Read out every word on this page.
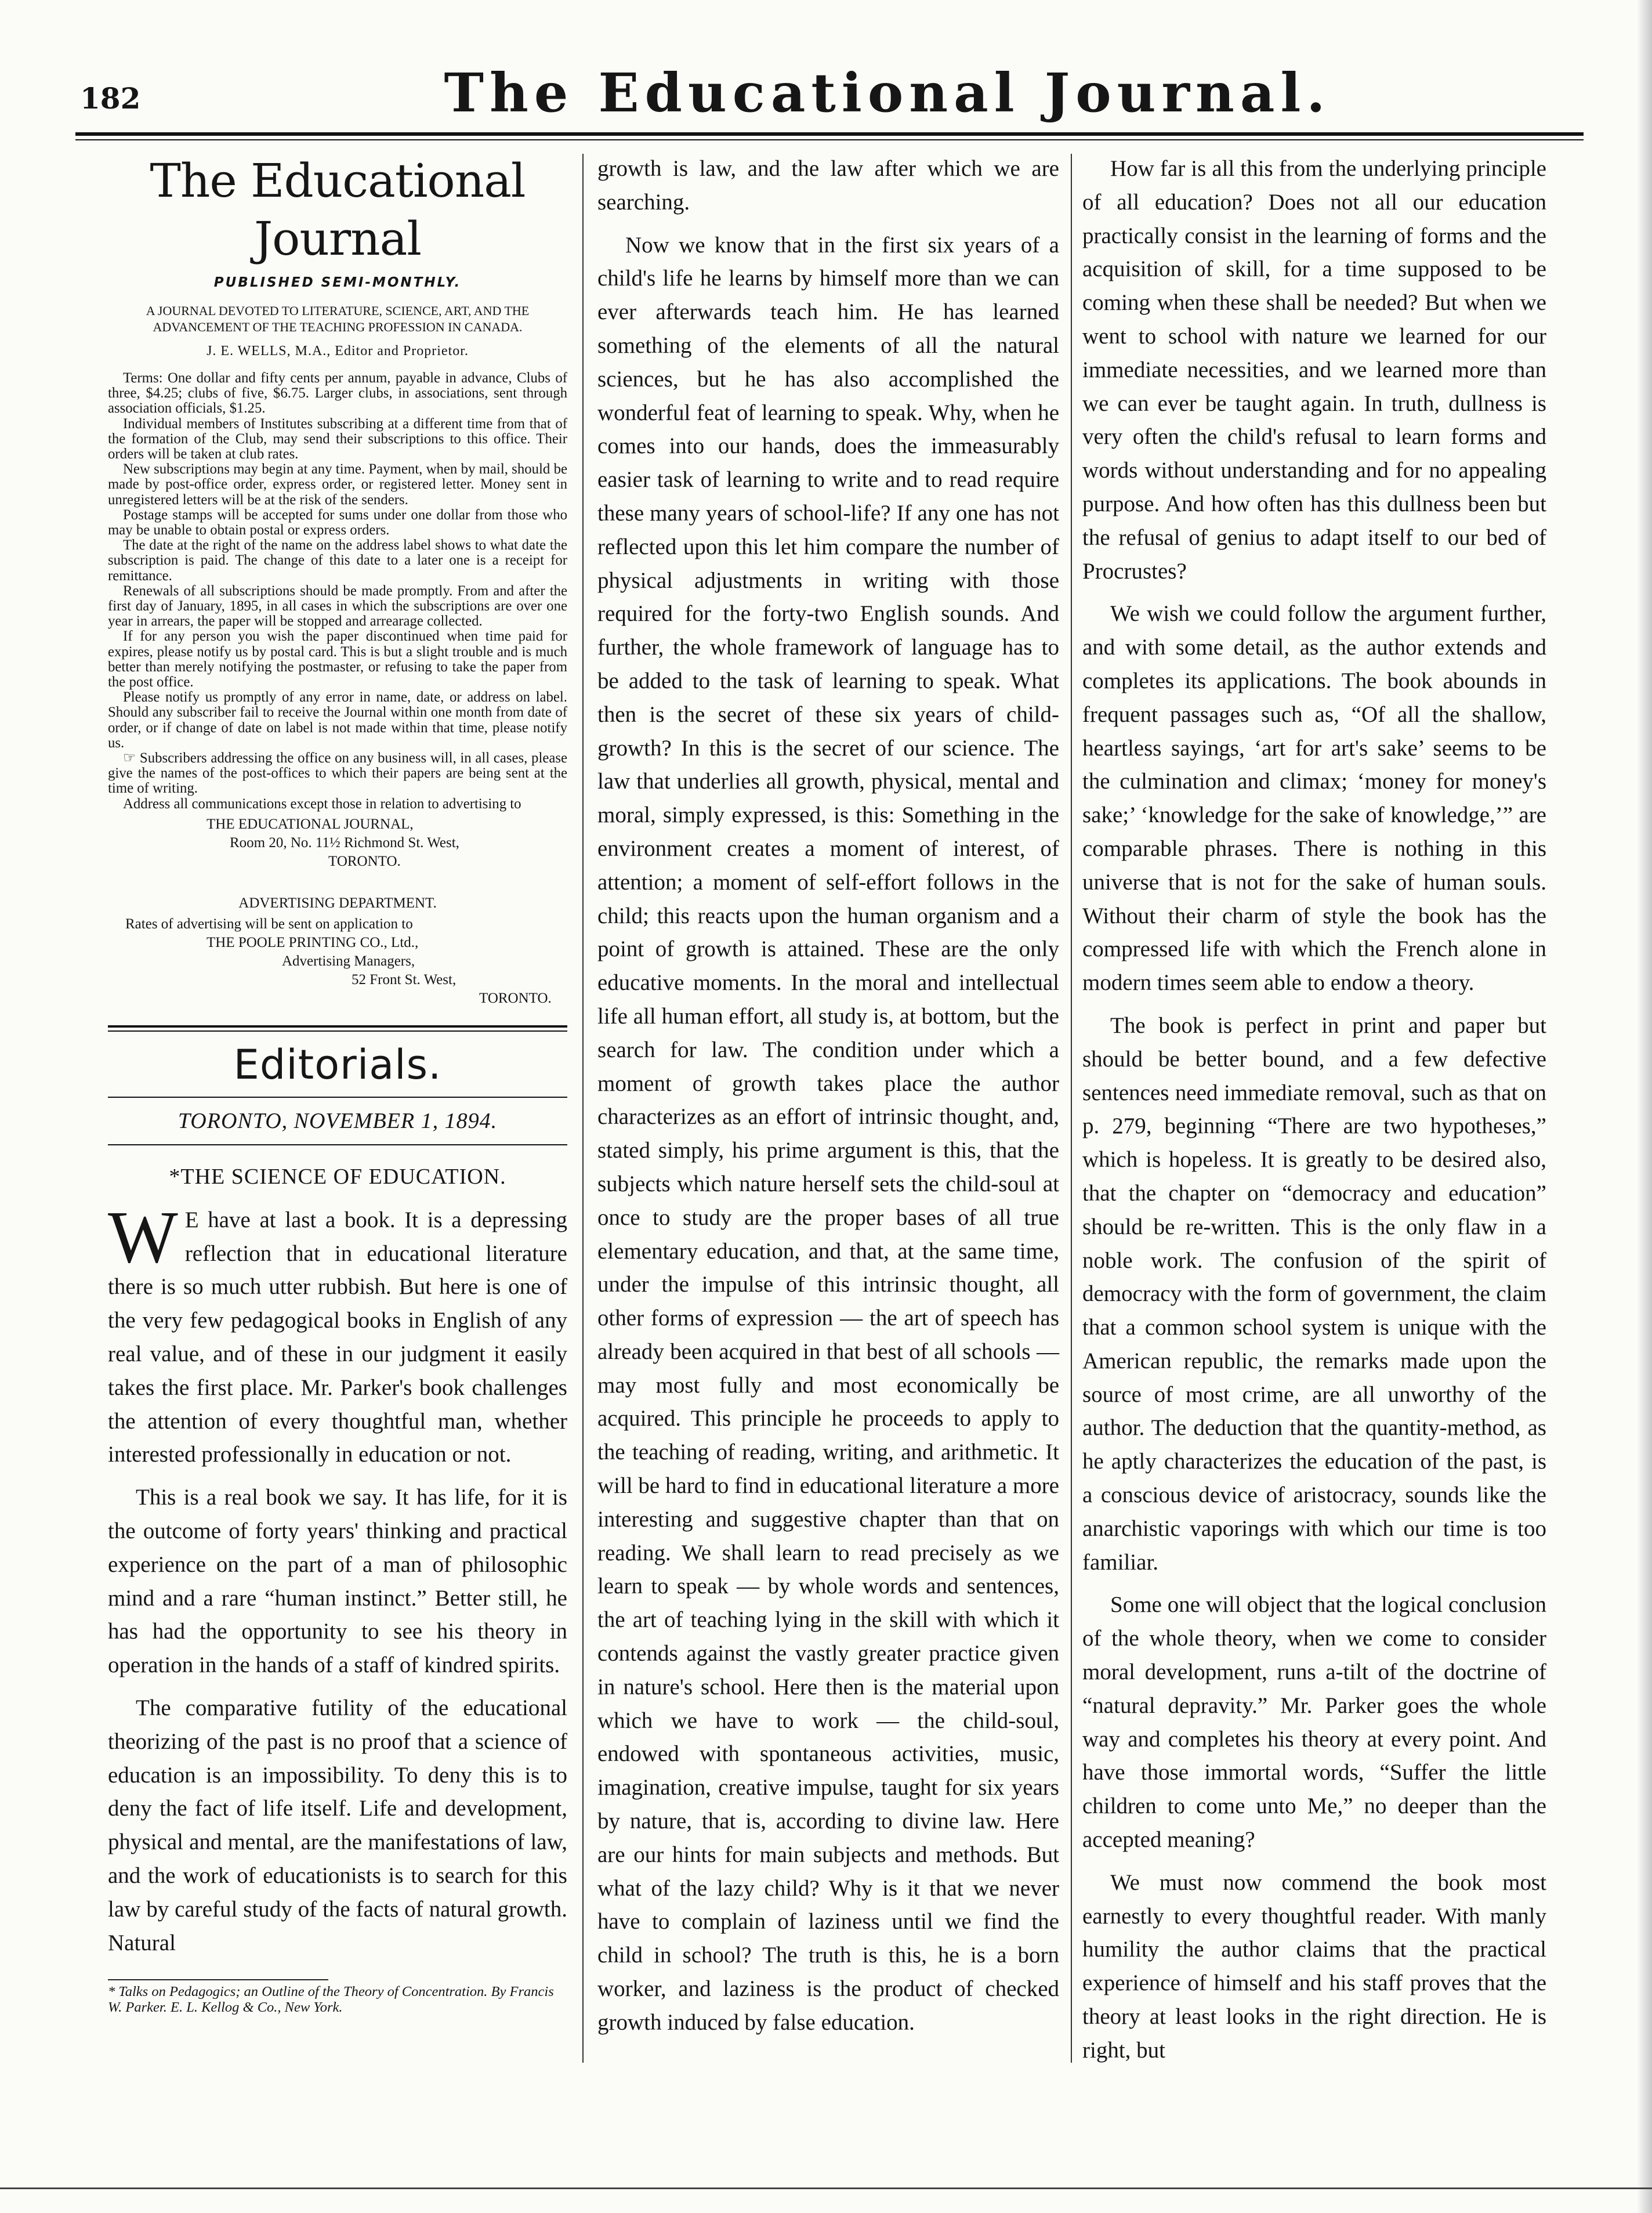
182	The Educational Journal.
The Educational Journal
PUBLISHED SEMI-MONTHLY.
A JOURNAL DEVOTED TO LITERATURE, SCIENCE, ART, AND THE ADVANCEMENT OF THE TEACHING PROFESSION IN CANADA.
J. E. WELLS, M.A., Editor and Proprietor.

Terms: One dollar and fifty cents per annum, payable in advance, Clubs of three, $4.25; clubs of five, $6.75. Larger clubs, in associations, sent through association officials, $1.25.

Individual members of Institutes subscribing at a different time from that of the formation of the Club, may send their subscriptions to this office. Their orders will be taken at club rates.

New subscriptions may begin at any time. Payment, when by mail, should be made by post-office order, express order, or registered letter. Money sent in unregistered letters will be at the risk of the senders.

Postage stamps will be accepted for sums under one dollar from those who may be unable to obtain postal or express orders.

The date at the right of the name on the address label shows to what date the subscription is paid. The change of this date to a later one is a receipt for remittance.

Renewals of all subscriptions should be made promptly. From and after the first day of January, 1895, in all cases in which the subscriptions are over one year in arrears, the paper will be stopped and arrearage collected.

If for any person you wish the paper discontinued when time paid for expires, please notify us by postal card. This is but a slight trouble and is much better than merely notifying the postmaster, or refusing to take the paper from the post office.

Please notify us promptly of any error in name, date, or address on label. Should any subscriber fail to receive the Journal within one month from date of order, or if change of date on label is not made within that time, please notify us.

☞ Subscribers addressing the office on any business will, in all cases, please give the names of the post-offices to which their papers are being sent at the time of writing.

Address all communications except those in relation to advertising to

THE EDUCATIONAL JOURNAL,
Room 20, No. 11½ Richmond St. West,
TORONTO.
ADVERTISING DEPARTMENT.
Rates of advertising will be sent on application to
THE POOLE PRINTING CO., Ltd.,
Advertising Managers,
52 Front St. West,
TORONTO.
Editorials.
TORONTO, NOVEMBER 1, 1894.
*THE SCIENCE OF EDUCATION.

W E have at last a book. It is a depressing reflection that in educational literature there is so much utter rubbish. But here is one of the very few pedagogical books in English of any real value, and of these in our judgment it easily takes the first place. Mr. Parker's book challenges the attention of every thoughtful man, whether interested professionally in education or not.

This is a real book we say. It has life, for it is the outcome of forty years' thinking and practical experience on the part of a man of philosophic mind and a rare “human instinct.” Better still, he has had the opportunity to see his theory in operation in the hands of a staff of kindred spirits.

The comparative futility of the educational theorizing of the past is no proof that a science of education is an impossibility. To deny this is to deny the fact of life itself. Life and development, physical and mental, are the manifestations of law, and the work of educationists is to search for this law by careful study of the facts of natural growth. Natural

* Talks on Pedagogics; an Outline of the Theory of Concentration. By Francis W. Parker. E. L. Kellog & Co., New York.

growth is law, and the law after which we are searching.

Now we know that in the first six years of a child's life he learns by himself more than we can ever afterwards teach him. He has learned something of the elements of all the natural sciences, but he has also accomplished the wonderful feat of learning to speak. Why, when he comes into our hands, does the immeasurably easier task of learning to write and to read require these many years of school-life? If any one has not reflected upon this let him compare the number of physical adjustments in writing with those required for the forty-two English sounds. And further, the whole framework of language has to be added to the task of learning to speak. What then is the secret of these six years of child-growth? In this is the secret of our science. The law that underlies all growth, physical, mental and moral, simply expressed, is this: Something in the environment creates a moment of interest, of attention; a moment of self-effort follows in the child; this reacts upon the human organism and a point of growth is attained. These are the only educative moments. In the moral and intellectual life all human effort, all study is, at bottom, but the search for law. The condition under which a moment of growth takes place the author characterizes as an effort of intrinsic thought, and, stated simply, his prime argument is this, that the subjects which nature herself sets the child-soul at once to study are the proper bases of all true elementary education, and that, at the same time, under the impulse of this intrinsic thought, all other forms of expression — the art of speech has already been acquired in that best of all schools — may most fully and most economically be acquired. This principle he proceeds to apply to the teaching of reading, writing, and arithmetic. It will be hard to find in educational literature a more interesting and suggestive chapter than that on reading. We shall learn to read precisely as we learn to speak — by whole words and sentences, the art of teaching lying in the skill with which it contends against the vastly greater practice given in nature's school. Here then is the material upon which we have to work — the child-soul, endowed with spontaneous activities, music, imagination, creative impulse, taught for six years by nature, that is, according to divine law. Here are our hints for main subjects and methods. But what of the lazy child? Why is it that we never have to complain of laziness until we find the child in school? The truth is this, he is a born worker, and laziness is the product of checked growth induced by false education.

How far is all this from the underlying principle of all education? Does not all our education practically consist in the learning of forms and the acquisition of skill, for a time supposed to be coming when these shall be needed? But when we went to school with nature we learned for our immediate necessities, and we learned more than we can ever be taught again. In truth, dullness is very often the child's refusal to learn forms and words without understanding and for no appealing purpose. And how often has this dullness been but the refusal of genius to adapt itself to our bed of Procrustes?

We wish we could follow the argument further, and with some detail, as the author extends and completes its applications. The book abounds in frequent passages such as, “Of all the shallow, heartless sayings, ‘art for art's sake’ seems to be the culmination and climax; ‘money for money's sake;’ ‘knowledge for the sake of knowledge,’” are comparable phrases. There is nothing in this universe that is not for the sake of human souls. Without their charm of style the book has the compressed life with which the French alone in modern times seem able to endow a theory.

The book is perfect in print and paper but should be better bound, and a few defective sentences need immediate removal, such as that on p. 279, beginning “There are two hypotheses,” which is hopeless. It is greatly to be desired also, that the chapter on “democracy and education” should be re-written. This is the only flaw in a noble work. The confusion of the spirit of democracy with the form of government, the claim that a common school system is unique with the American republic, the remarks made upon the source of most crime, are all unworthy of the author. The deduction that the quantity-method, as he aptly characterizes the education of the past, is a conscious device of aristocracy, sounds like the anarchistic vaporings with which our time is too familiar.

Some one will object that the logical conclusion of the whole theory, when we come to consider moral development, runs a-tilt of the doctrine of “natural depravity.” Mr. Parker goes the whole way and completes his theory at every point. And have those immortal words, “Suffer the little children to come unto Me,” no deeper than the accepted meaning?

We must now commend the book most earnestly to every thoughtful reader. With manly humility the author claims that the practical experience of himself and his staff proves that the theory at least looks in the right direction. He is right, but
